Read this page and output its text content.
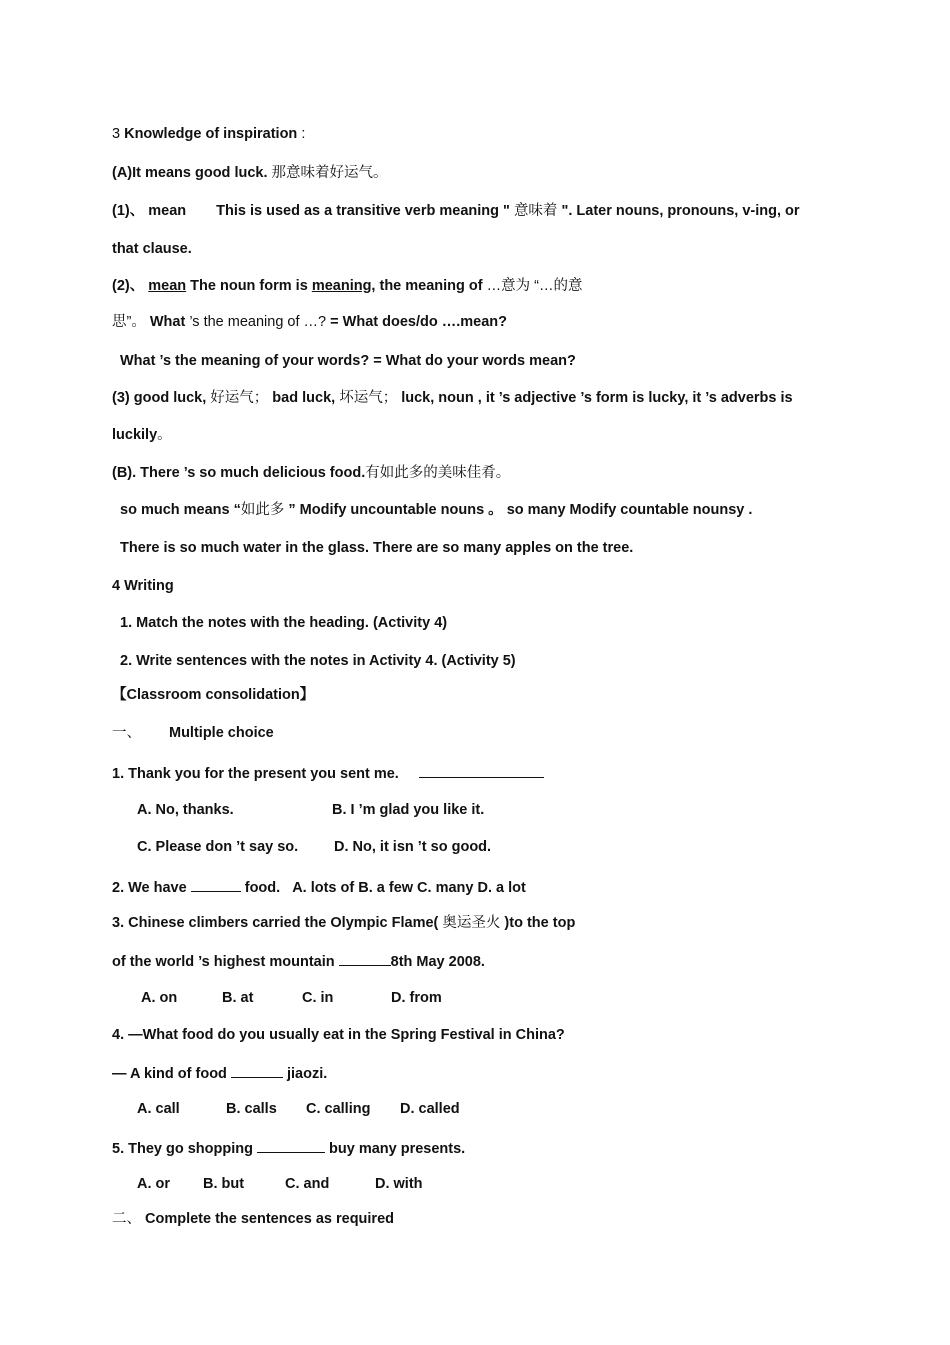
3 Knowledge of inspiration :
(A)It means good luck. 那意味着好运气。
(1)、 mean This is used as a transitive verb meaning " 意味着 ". Later nouns, pronouns, v-ing, or
that clause.
(2)、 mean The noun form is meaning, the meaning of …意为 “…的意
思”。 What ’s the meaning of …? = What does/do ….mean?
What ’s the meaning of your words? = What do your words mean?
(3) good luck, 好运气； bad luck, 坏运气； luck, noun , it ’s adjective ’s form is lucky, it ’s adverbs is
luckily。
(B). There ’s so much delicious food.有如此多的美味佳肴。
so much means “如此多 ” Modify uncountable nouns 。 so many Modify countable nounsy .
There is so much water in the glass. There are so many apples on the tree.
4 Writing
1. Match the notes with the heading. (Activity 4)
2. Write sentences with the notes in Activity 4. (Activity 5)
【Classroom consolidation】
一、 Multiple choice
1. Thank you for the present you sent me.
A. No, thanks.	B. I ’m glad you like it.
C. Please don ’t say so. D. No, it isn ’t so good.
2. We have	food. A. lots of B. a few C. many D. a lot
3. Chinese climbers carried the Olympic Flame( 奥运圣火 )to the top
of the world ’s highest mountain	8th May 2008.
A. on	B. at	C. in	D. from
4. —What food do you usually eat in the Spring Festival in China?
— A kind of food	jiaozi.
A. call	B. calls C. calling D. called
5. They go shopping	buy many presents.
A. or B. but	C. and	D. with
二、 Complete the sentences as required
